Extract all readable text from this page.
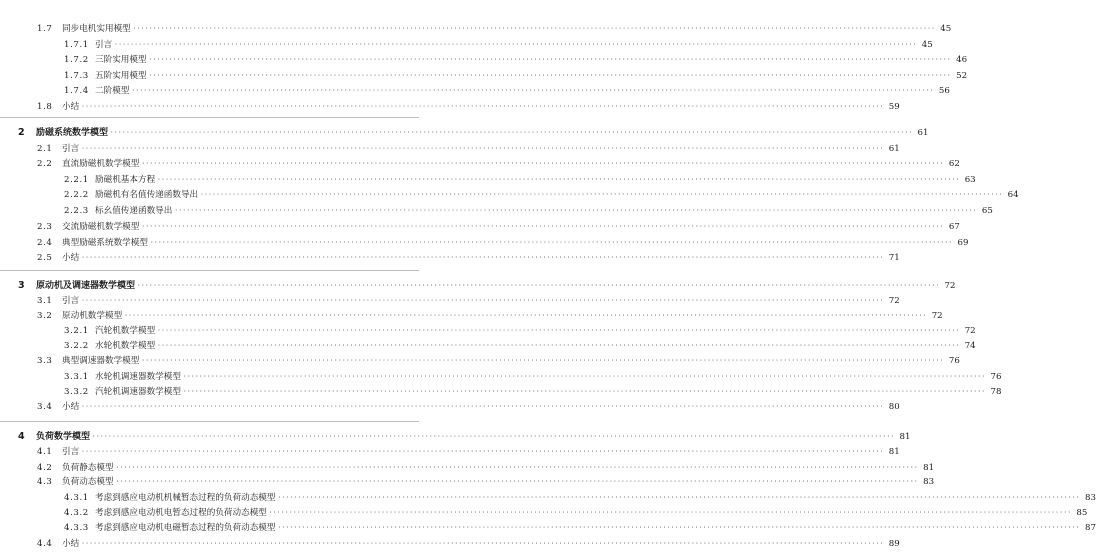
1.7	同步电机实用模型 ········································································································································································································ 45
1.7.1 引言 ········································································································································································································ 45
1.7.2 三阶实用模型 ········································································································································································································ 46
1.7.3 五阶实用模型 ········································································································································································································ 52
1.7.4 二阶模型 ········································································································································································································ 56
1.8	小结 ········································································································································································································ 59
2	励磁系统数学模型 ········································································································································································································ 61
2.1	引言 ········································································································································································································ 61
2.2	直流励磁机数学模型 ········································································································································································································ 62
2.2.1 励磁机基本方程 ········································································································································································································ 63
2.2.2 励磁机有名值传递函数导出 ········································································································································································································ 64
2.2.3 标幺值传递函数导出 ········································································································································································································ 65
2.3	交流励磁机数学模型 ········································································································································································································ 67
2.4	典型励磁系统数学模型 ········································································································································································································ 69
2.5	小结 ········································································································································································································ 71
3	原动机及调速器数学模型 ········································································································································································································ 72
3.1	引言 ········································································································································································································ 72
3.2	原动机数学模型 ········································································································································································································ 72
3.2.1 汽轮机数学模型 ········································································································································································································ 72
3.2.2 水轮机数学模型 ········································································································································································································ 74
3.3	典型调速器数学模型 ········································································································································································································ 76
3.3.1 水轮机调速器数学模型 ········································································································································································································ 76
3.3.2 汽轮机调速器数学模型 ········································································································································································································ 78
3.4	小结 ········································································································································································································ 80
4	负荷数学模型 ········································································································································································································ 81
4.1	引言 ········································································································································································································ 81
4.2	负荷静态模型 ········································································································································································································ 81
4.3	负荷动态模型 ········································································································································································································ 83
4.3.1 考虑到感应电动机机械暂态过程的负荷动态模型 ········································································································································································································ 83
4.3.2 考虑到感应电动机电暂态过程的负荷动态模型 ········································································································································································································ 85
4.3.3 考虑到感应电动机电磁暂态过程的负荷动态模型 ········································································································································································································ 87
4.4	小结 ········································································································································································································ 89
